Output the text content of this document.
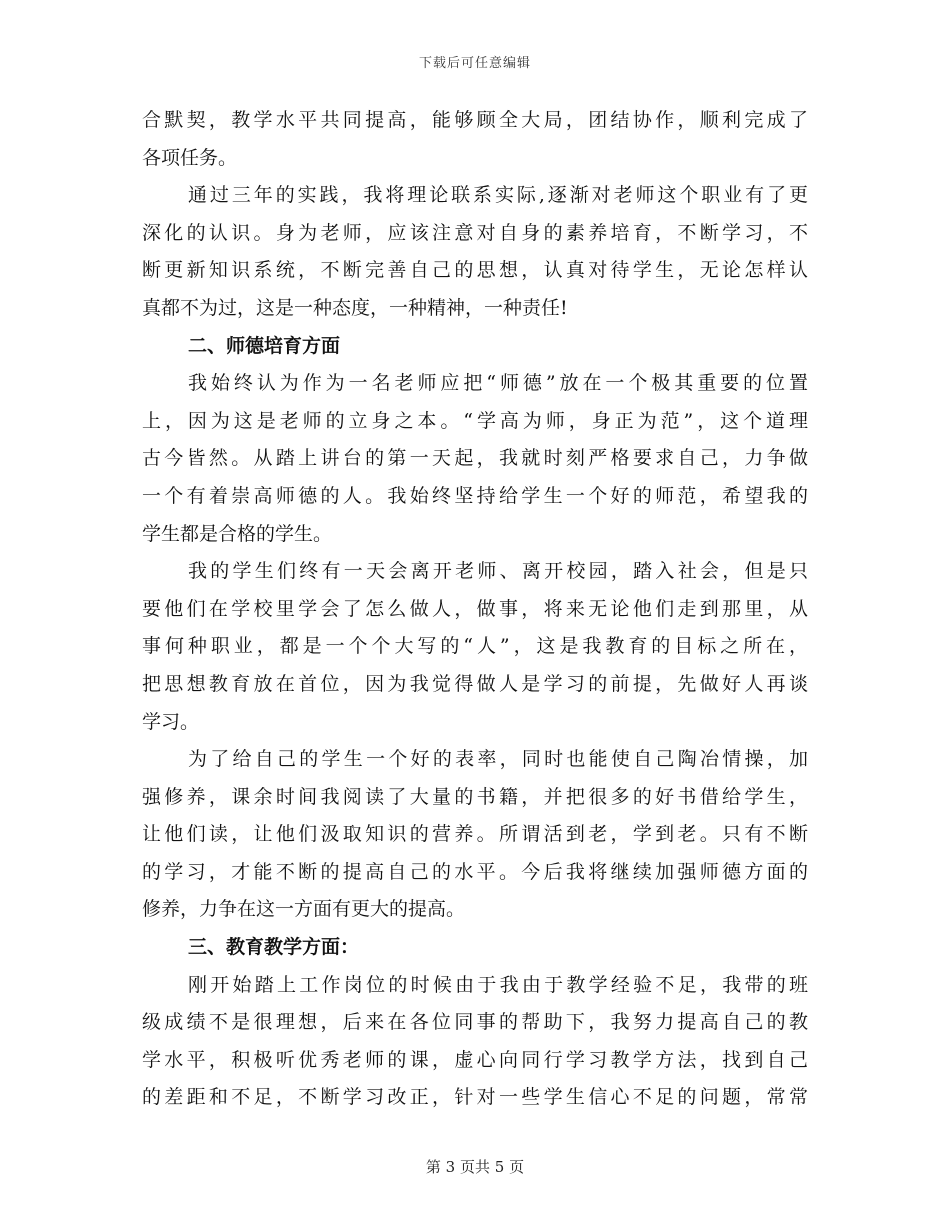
下载后可任意编辑
合默契，教学水平共同提高，能够顾全大局，团结协作，顺利完成了
各项任务。
通过三年的实践，我将理论联系实际,逐渐对老师这个职业有了更
深化的认识。身为老师，应该注意对自身的素养培育，不断学习，不
断更新知识系统，不断完善自己的思想，认真对待学生，无论怎样认
真都不为过，这是一种态度，一种精神，一种责任!
二、师德培育方面
我始终认为作为一名老师应把“师德”放在一个极其重要的位置
上，因为这是老师的立身之本。“学高为师，身正为范”，这个道理
古今皆然。从踏上讲台的第一天起，我就时刻严格要求自己，力争做
一个有着崇高师德的人。我始终坚持给学生一个好的师范，希望我的
学生都是合格的学生。
我的学生们终有一天会离开老师、离开校园，踏入社会，但是只
要他们在学校里学会了怎么做人，做事，将来无论他们走到那里，从
事何种职业，都是一个个大写的“人”，这是我教育的目标之所在，
把思想教育放在首位，因为我觉得做人是学习的前提，先做好人再谈
学习。
为了给自己的学生一个好的表率，同时也能使自己陶冶情操，加
强修养，课余时间我阅读了大量的书籍，并把很多的好书借给学生，
让他们读，让他们汲取知识的营养。所谓活到老，学到老。只有不断
的学习，才能不断的提高自己的水平。今后我将继续加强师德方面的
修养，力争在这一方面有更大的提高。
三、教育教学方面：
刚开始踏上工作岗位的时候由于我由于教学经验不足，我带的班
级成绩不是很理想，后来在各位同事的帮助下，我努力提高自己的教
学水平，积极听优秀老师的课，虚心向同行学习教学方法，找到自己
的差距和不足，不断学习改正，针对一些学生信心不足的问题，常常
第 3 页共 5 页
